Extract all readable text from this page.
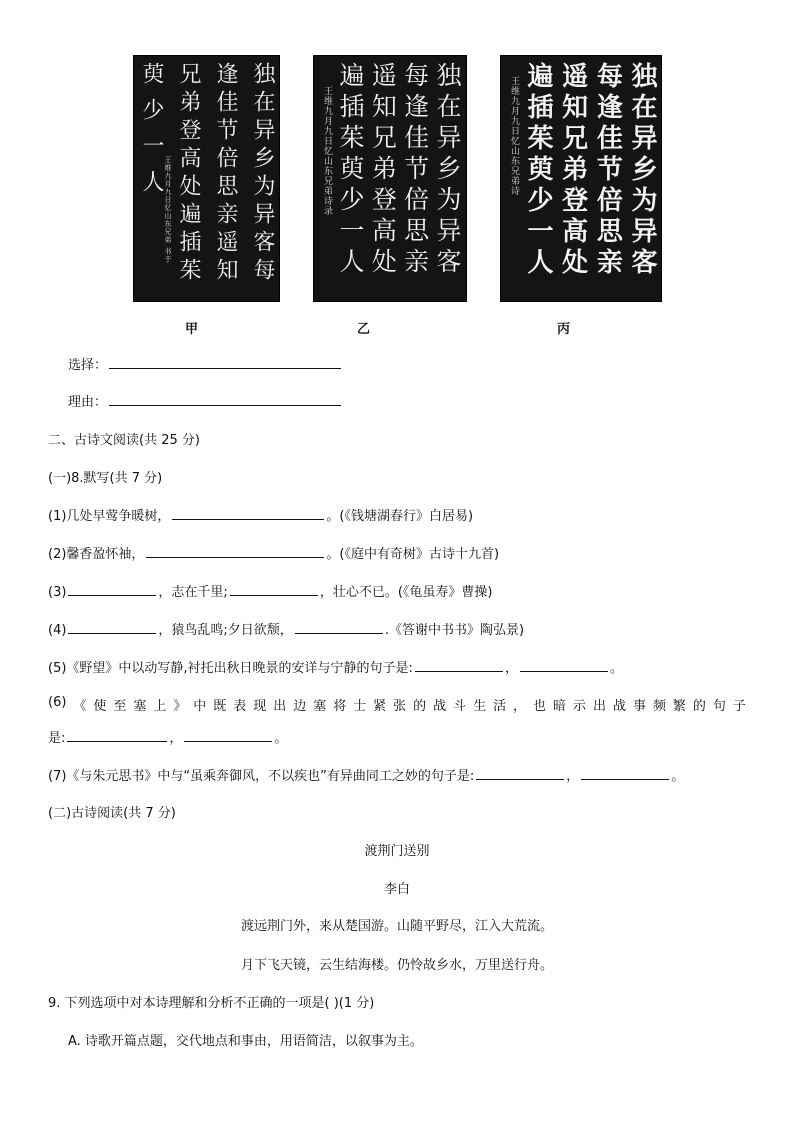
独在异乡为异客每
逢佳节倍思亲遥知
兄弟登高处遍插茱
萸少一人
王维九月九日忆山东兄弟 书于
甲
独在异乡为异客
每逢佳节倍思亲
遥知兄弟登高处
遍插茱萸少一人
王维九月九日忆山东兄弟诗录
乙
独在异乡为异客
每逢佳节倍思亲
遥知兄弟登高处
遍插茱萸少一人
王维九月九日忆山东兄弟诗
丙
选择：
理由：
二、古诗文阅读(共 25 分)
(一)8.默写(共 7 分)
(1)几处早莺争暖树，	。(《钱塘湖春行》白居易)
(2)馨香盈怀袖，	。(《庭中有奇树》古诗十九首)
(3)	，志在千里;	，壮心不已。(《龟虽寿》曹操)
(4)	，猿鸟乱鸣;夕日欲颓，	.《答谢中书书》陶弘景)
(5)《野望》中以动写静,衬托出秋日晚景的安详与宁静的句子是:	，	。
(6) 《 使 至 塞 上 》 中 既 表 现 出 边 塞 将 士 紧 张 的 战 斗 生 活 ， 也 暗 示 出 战 事 频 繁 的 句 子
是:	，	。
(7)《与朱元思书》中与“虽乘奔御风，不以疾也”有异曲同工之妙的句子是:	，	。
(二)古诗阅读(共 7 分)
渡荆门送别
李白
渡远荆门外，来从楚国游。山随平野尽，江入大荒流。
月下飞天镜，云生结海楼。仍怜故乡水，万里送行舟。
9. 下列选项中对本诗理解和分析不正确的一项是( )(1 分)
A. 诗歌开篇点题，交代地点和事由，用语简洁，以叙事为主。
